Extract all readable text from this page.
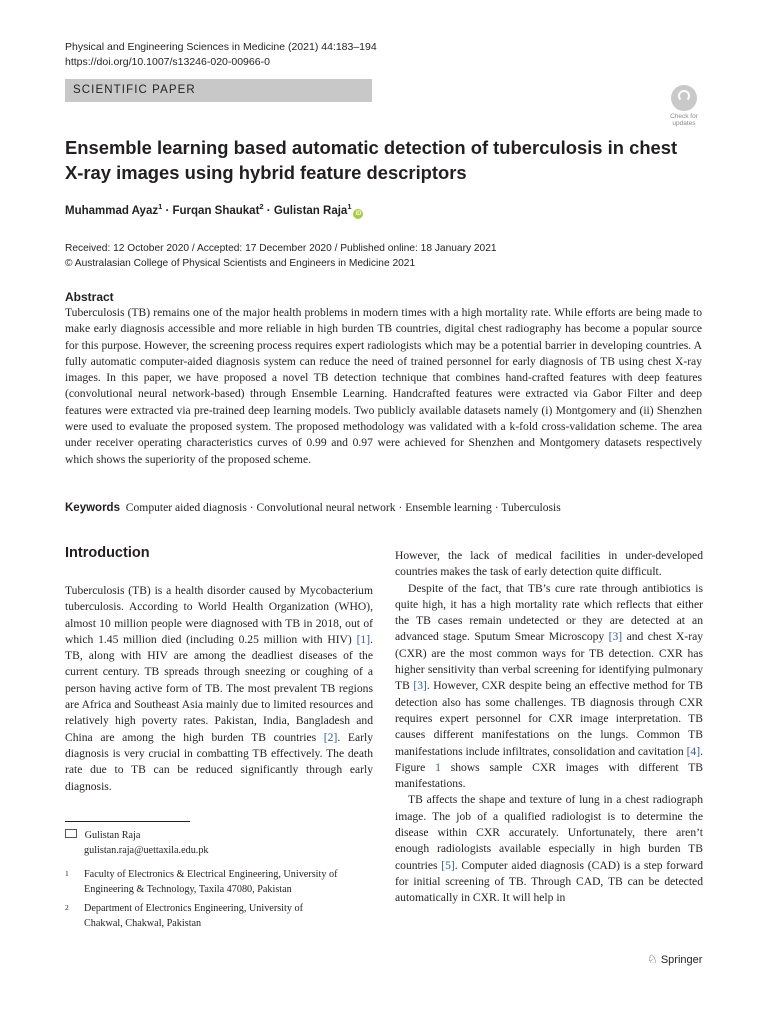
Physical and Engineering Sciences in Medicine (2021) 44:183–194
https://doi.org/10.1007/s13246-020-00966-0
SCIENTIFIC PAPER
Check for
updates
Ensemble learning based automatic detection of tuberculosis in chest
X-ray images using hybrid feature descriptors
Muhammad Ayaz$^1$ · Furqan Shaukat$^2$ · Gulistan Raja$^1$iD
Received: 12 October 2020 / Accepted: 17 December 2020 / Published online: 18 January 2021
© Australasian College of Physical Scientists and Engineers in Medicine 2021
Abstract
Tuberculosis (TB) remains one of the major health problems in modern times with a high mortality rate. While efforts are being made to make early diagnosis accessible and more reliable in high burden TB countries, digital chest radiography has become a popular source for this purpose. However, the screening process requires expert radiologists which may be a potential barrier in developing countries. A fully automatic computer-aided diagnosis system can reduce the need of trained personnel for early diagnosis of TB using chest X-ray images. In this paper, we have proposed a novel TB detection technique that combines hand-crafted features with deep features (convolutional neural network-based) through Ensemble Learning. Handcrafted features were extracted via Gabor Filter and deep features were extracted via pre-trained deep learning models. Two publicly available datasets namely (i) Montgomery and (ii) Shenzhen were used to evaluate the proposed system. The proposed methodology was validated with a k-fold cross-validation scheme. The area under receiver operating characteristics curves of 0.99 and 0.97 were achieved for Shenzhen and Montgomery datasets respectively which shows the superiority of the proposed scheme.
Keywords Computer aided diagnosis · Convolutional neural network · Ensemble learning · Tuberculosis
Introduction

Tuberculosis (TB) is a health disorder caused by Mycobacterium tuberculosis. According to World Health Organization (WHO), almost 10 million people were diagnosed with TB in 2018, out of which 1.45 million died (including 0.25 million with HIV) [1]. TB, along with HIV are among the deadliest diseases of the current century. TB spreads through sneezing or coughing of a person having active form of TB. The most prevalent TB regions are Africa and Southeast Asia mainly due to limited resources and relatively high poverty rates. Pakistan, India, Bangladesh and China are among the high burden TB countries [2]. Early diagnosis is very crucial in combatting TB effectively. The death rate due to TB can be reduced significantly through early diagnosis.

However, the lack of medical facilities in under-developed countries makes the task of early detection quite difficult.

Despite of the fact, that TB’s cure rate through antibiotics is quite high, it has a high mortality rate which reflects that either the TB cases remain undetected or they are detected at an advanced stage. Sputum Smear Microscopy [3] and chest X-ray (CXR) are the most common ways for TB detection. CXR has higher sensitivity than verbal screening for identifying pulmonary TB [3]. However, CXR despite being an effective method for TB detection also has some challenges. TB diagnosis through CXR requires expert personnel for CXR image interpretation. TB causes different manifestations on the lungs. Common TB manifestations include infiltrates, consolidation and cavitation [4]. Figure 1 shows sample CXR images with different TB manifestations.

TB affects the shape and texture of lung in a chest radiograph image. The job of a qualified radiologist is to determine the disease within CXR accurately. Unfortunately, there aren’t enough radiologists available especially in high burden TB countries [5]. Computer aided diagnosis (CAD) is a step forward for initial screening of TB. Through CAD, TB can be detected automatically in CXR. It will help in

Gulistan Raja
gulistan.raja@uettaxila.edu.pk
1 Faculty of Electronics & Electrical Engineering, University of Engineering & Technology, Taxila 47080, Pakistan
2 Department of Electronics Engineering, University of Chakwal, Chakwal, Pakistan
♘ Springer
